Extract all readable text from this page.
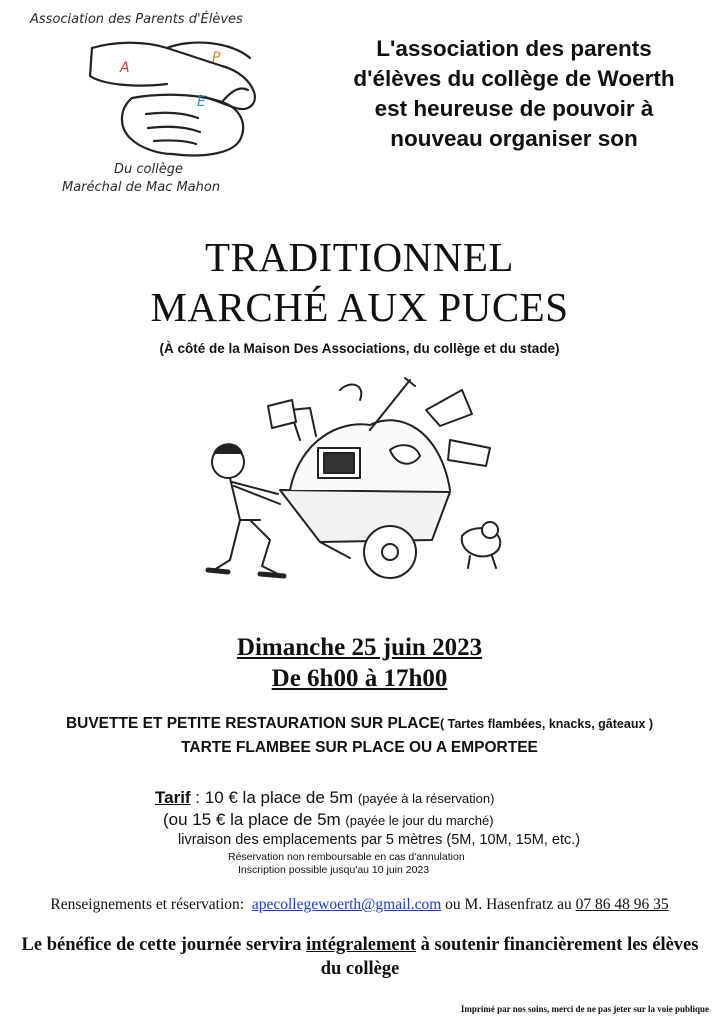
Association des Parents d'Élèves
A
P
E
Du collège
Maréchal de Mac Mahon
L'association des parents
d'élèves du collège de Woerth
est heureuse de pouvoir à
nouveau organiser son
TRADITIONNEL
MARCHÉ AUX PUCES
(À côté de la Maison Des Associations, du collège et du stade)
Dimanche 25 juin 2023
De 6h00 à 17h00
BUVETTE ET PETITE RESTAURATION SUR PLACE( Tartes flambées, knacks, gâteaux )
TARTE FLAMBEE SUR PLACE OU A EMPORTEE
Tarif : 10 € la place de 5m (payée à la réservation)
(ou 15 € la place de 5m (payée le jour du marché)
livraison des emplacements par 5 mètres (5M, 10M, 15M, etc.)
Réservation non remboursable en cas d'annulation
Inscription possible jusqu'au 10 juin 2023
Renseignements et réservation: apecollegewoerth@gmail.com ou M. Hasenfratz au 07 86 48 96 35
Le bénéfice de cette journée servira intégralement à soutenir financièrement les élèves du collège
Imprimé par nos soins, merci de ne pas jeter sur la voie publique
